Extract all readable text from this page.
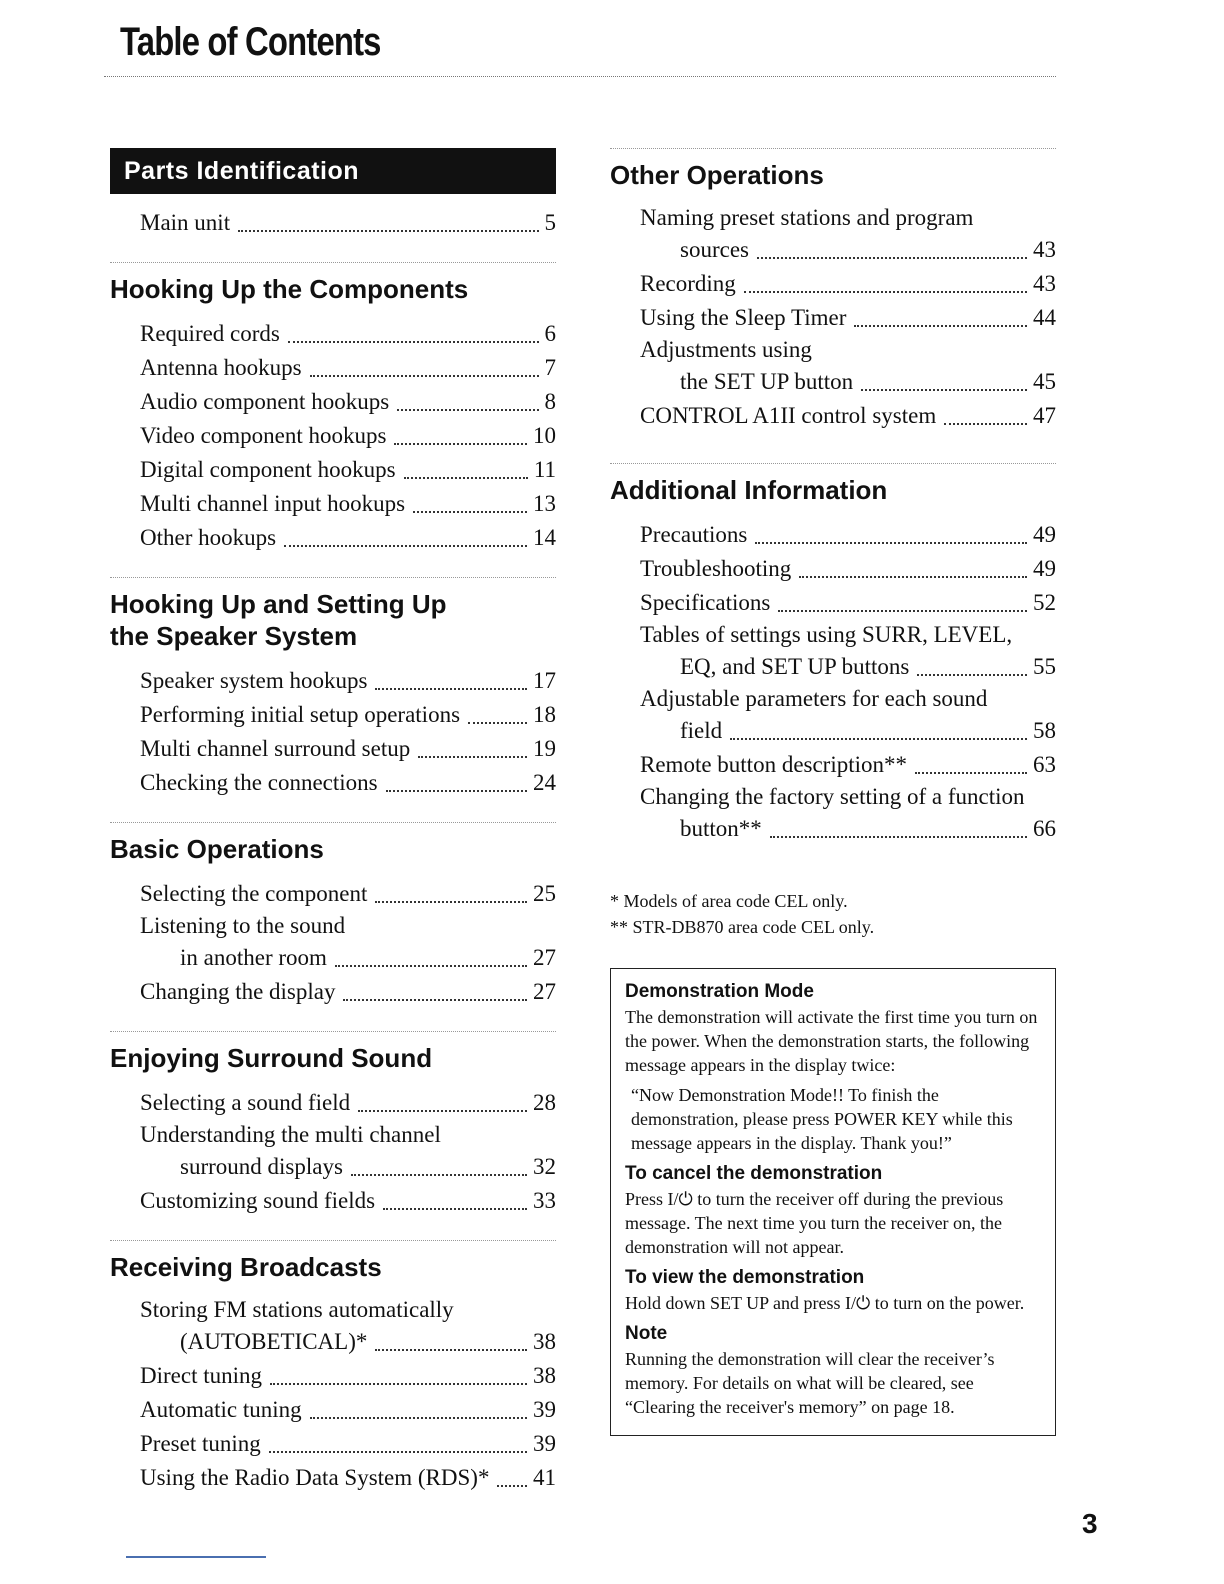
Table of Contents
Parts Identification
Main unit	5
Hooking Up the Components
Required cords	6
Antenna hookups	7
Audio component hookups	8
Video component hookups	10
Digital component hookups	11
Multi channel input hookups	13
Other hookups	14
Hooking Up and Setting Up
the Speaker System
Speaker system hookups	17
Performing initial setup operations	18
Multi channel surround setup	19
Checking the connections	24
Basic Operations
Selecting the component	25
Listening to the sound
in another room	27
Changing the display	27
Enjoying Surround Sound
Selecting a sound field	28
Understanding the multi channel
surround displays	32
Customizing sound fields	33
Receiving Broadcasts
Storing FM stations automatically
(AUTOBETICAL)*	38
Direct tuning	38
Automatic tuning	39
Preset tuning	39
Using the Radio Data System (RDS)* 41
Other Operations
Naming preset stations and program
sources	43
Recording	43
Using the Sleep Timer	44
Adjustments using
the SET UP button	45
CONTROL A1II control system	47
Additional Information
Precautions	49
Troubleshooting	49
Specifications	52
Tables of settings using SURR, LEVEL,
EQ, and SET UP buttons	55
Adjustable parameters for each sound
field	58
Remote button description**	63
Changing the factory setting of a function
button**	66
* Models of area code CEL only.
** STR-DB870 area code CEL only.
Demonstration Mode
The demonstration will activate the first time you turn on the power. When the demonstration starts, the following message appears in the display twice:
“Now Demonstration Mode!! To finish the demonstration, please press POWER KEY while this message appears in the display. Thank you!”
To cancel the demonstration
Press I/⏻ to turn the receiver off during the previous message. The next time you turn the receiver on, the demonstration will not appear.
To view the demonstration
Hold down SET UP and press I/⏻ to turn on the power.
Note
Running the demonstration will clear the receiver’s memory. For details on what will be cleared, see “Clearing the receiver's memory” on page 18.
3
